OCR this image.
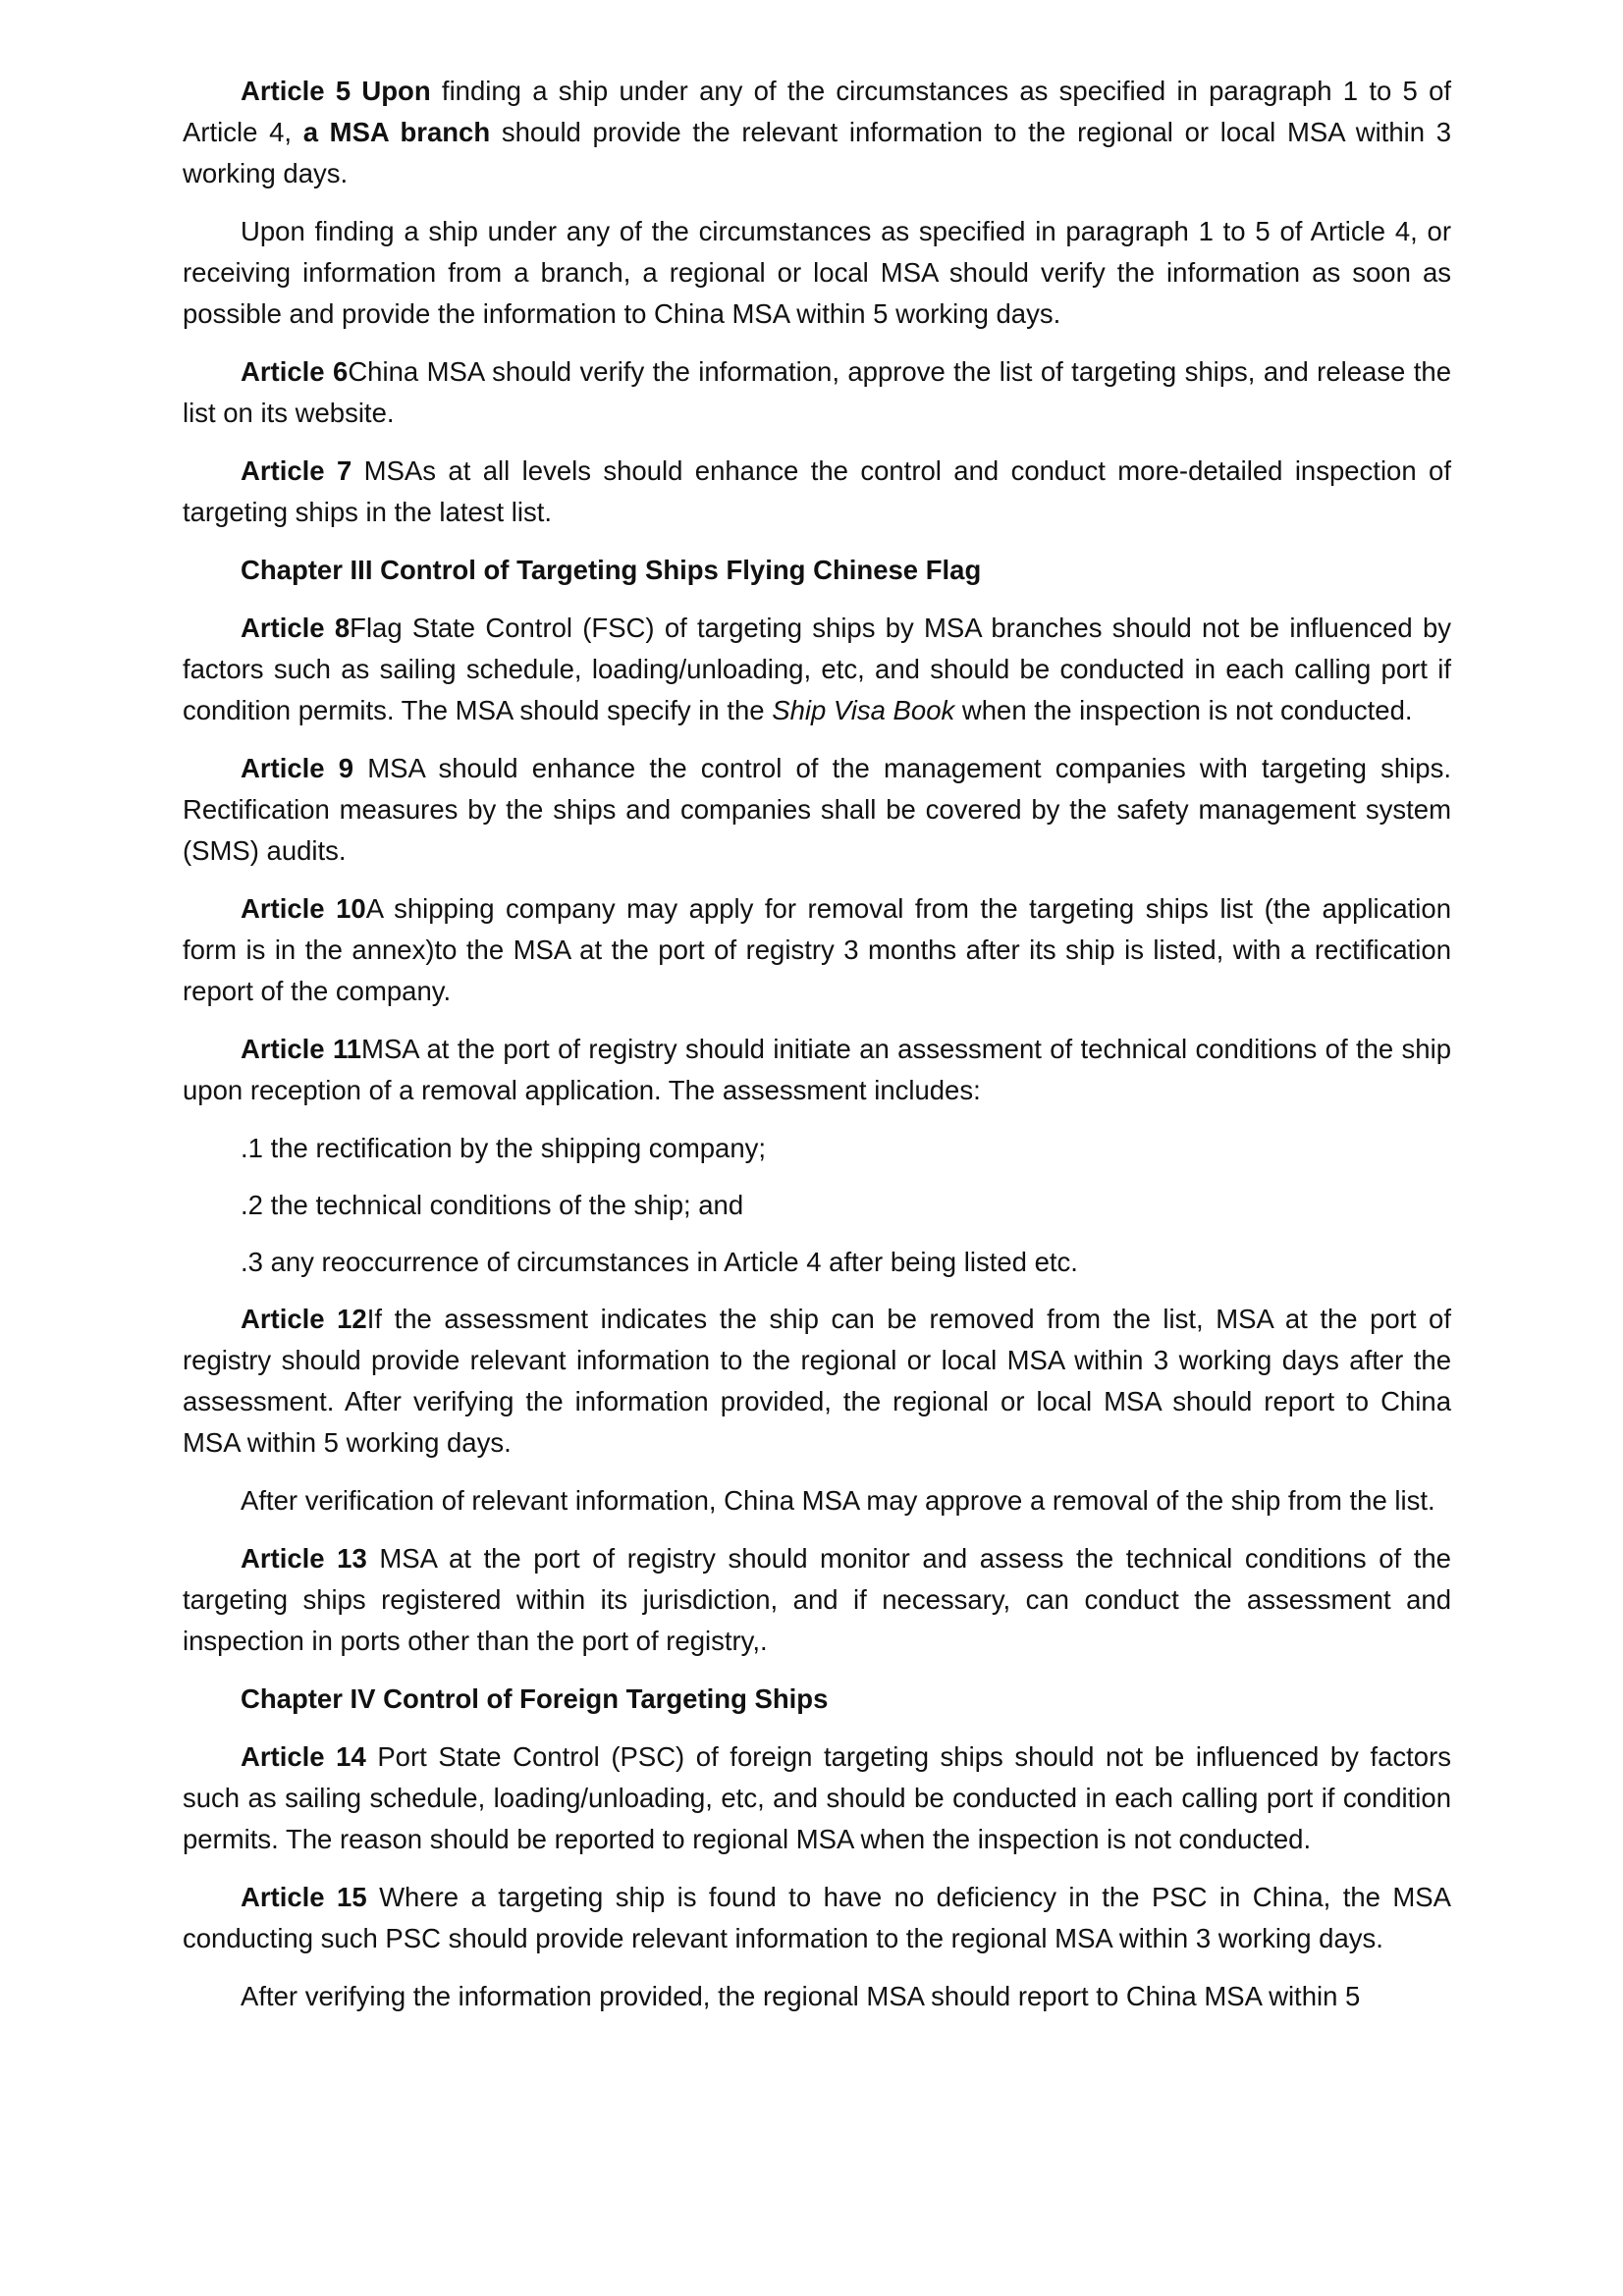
Article 5 Upon finding a ship under any of the circumstances as specified in paragraph 1 to 5 of Article 4, a MSA branch should provide the relevant information to the regional or local MSA within 3 working days.

Upon finding a ship under any of the circumstances as specified in paragraph 1 to 5 of Article 4, or receiving information from a branch, a regional or local MSA should verify the information as soon as possible and provide the information to China MSA within 5 working days.

Article 6China MSA should verify the information, approve the list of targeting ships, and release the list on its website.

Article 7 MSAs at all levels should enhance the control and conduct more-detailed inspection of targeting ships in the latest list.

Chapter III Control of Targeting Ships Flying Chinese Flag

Article 8Flag State Control (FSC) of targeting ships by MSA branches should not be influenced by factors such as sailing schedule, loading/unloading, etc, and should be conducted in each calling port if condition permits. The MSA should specify in the Ship Visa Book when the inspection is not conducted.

Article 9 MSA should enhance the control of the management companies with targeting ships. Rectification measures by the ships and companies shall be covered by the safety management system (SMS) audits.

Article 10A shipping company may apply for removal from the targeting ships list (the application form is in the annex)to the MSA at the port of registry 3 months after its ship is listed, with a rectification report of the company.

Article 11MSA at the port of registry should initiate an assessment of technical conditions of the ship upon reception of a removal application. The assessment includes:

.1 the rectification by the shipping company;

.2 the technical conditions of the ship; and

.3 any reoccurrence of circumstances in Article 4 after being listed etc.

Article 12If the assessment indicates the ship can be removed from the list, MSA at the port of registry should provide relevant information to the regional or local MSA within 3 working days after the assessment. After verifying the information provided, the regional or local MSA should report to China MSA within 5 working days.

After verification of relevant information, China MSA may approve a removal of the ship from the list.

Article 13 MSA at the port of registry should monitor and assess the technical conditions of the targeting ships registered within its jurisdiction, and if necessary, can conduct the assessment and inspection in ports other than the port of registry,.

Chapter IV Control of Foreign Targeting Ships

Article 14 Port State Control (PSC) of foreign targeting ships should not be influenced by factors such as sailing schedule, loading/unloading, etc, and should be conducted in each calling port if condition permits. The reason should be reported to regional MSA when the inspection is not conducted.

Article 15 Where a targeting ship is found to have no deficiency in the PSC in China, the MSA conducting such PSC should provide relevant information to the regional MSA within 3 working days.

After verifying the information provided, the regional MSA should report to China MSA within 5
